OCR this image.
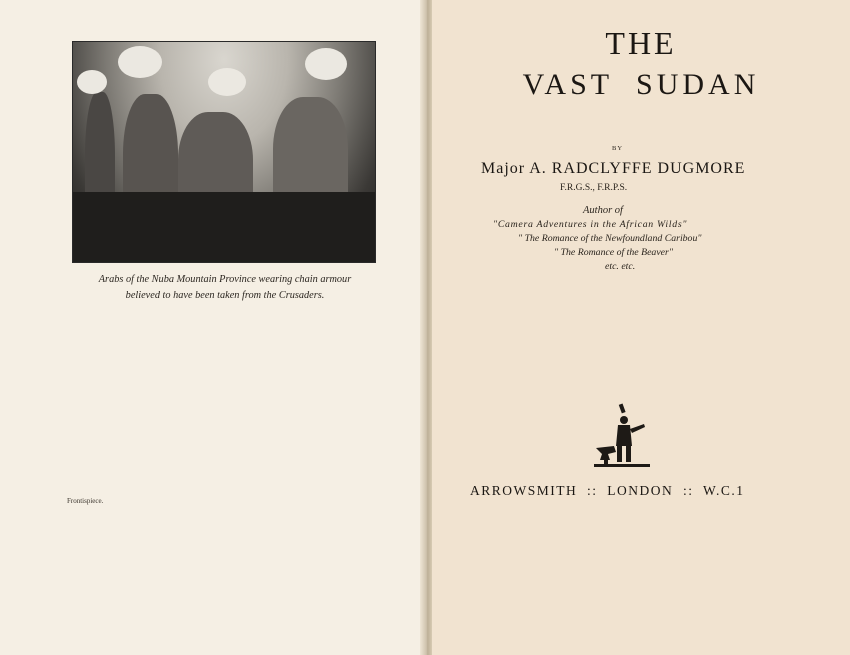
Arabs of the Nuba Mountain Province wearing chain armour
believed to have been taken from the Crusaders.
Frontispiece.
THE
VAST SUDAN
BY
Major A. RADCLYFFE DUGMORE
F.R.G.S., F.R.P.S.
Author of
"Camera Adventures in the African Wilds"
" The Romance of the Newfoundland Caribou"
" The Romance of the Beaver"
etc. etc.
ARROWSMITH  ::  LONDON  ::  W.C.1
